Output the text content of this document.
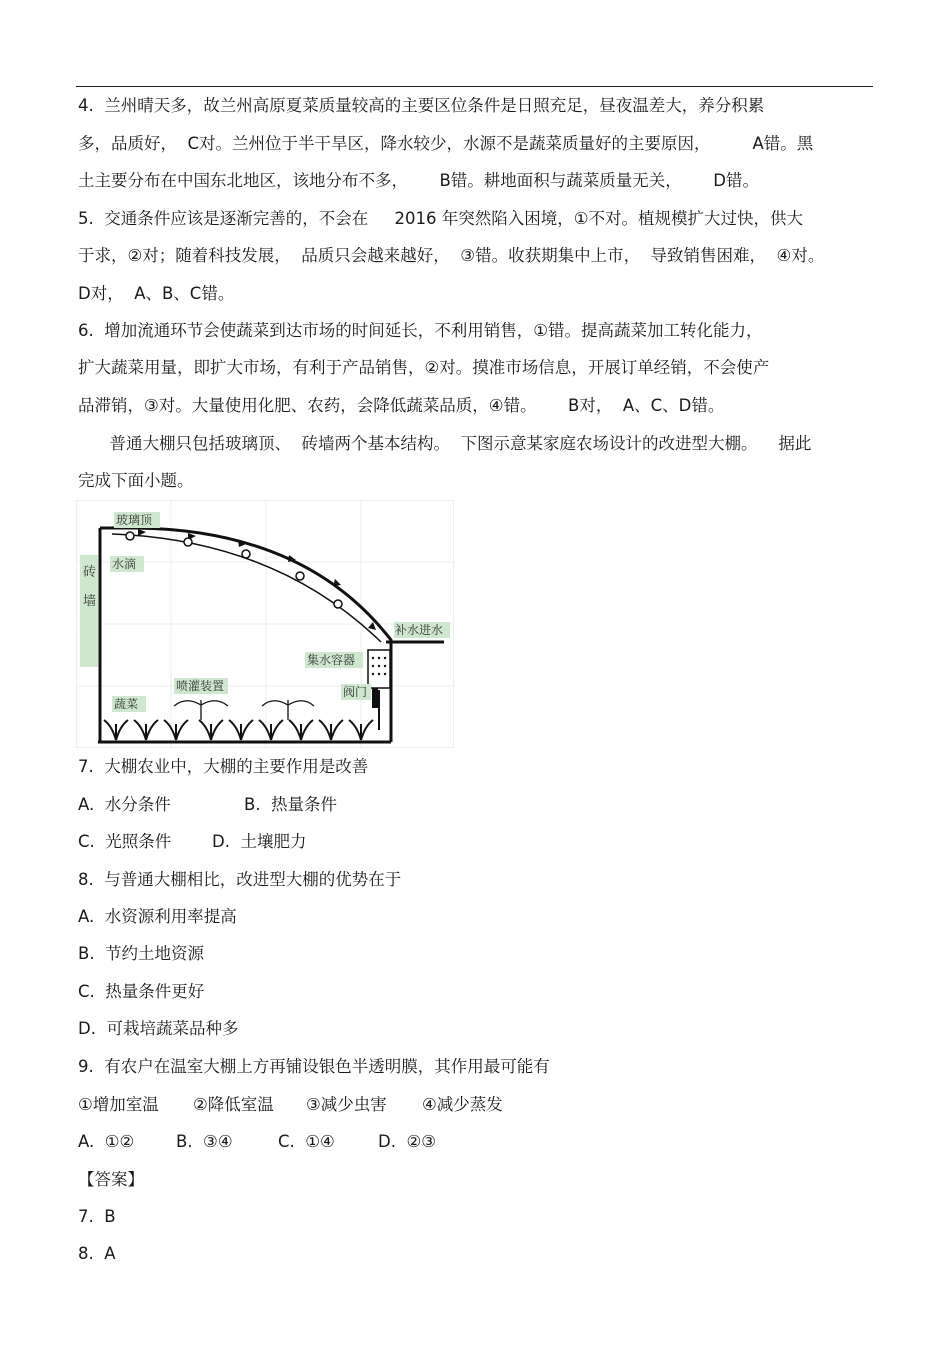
4.  兰州晴天多，故兰州高原夏菜质量较高的主要区位条件是日照充足，昼夜温差大，养分积累
多，品质好，  C对。兰州位于半干旱区，降水较少，水源不是蔬菜质量好的主要原因，        A错。黑
土主要分布在中国东北地区，该地分布不多，      B错。耕地面积与蔬菜质量无关，      D错。
5.  交通条件应该是逐渐完善的，不会在     2016 年突然陷入困境，①不对。植规模扩大过快，供大
于求，②对；随着科技发展，  品质只会越来越好，  ③错。收获期集中上市，  导致销售困难，  ④对。
D对，  A、B、C错。
6.  增加流通环节会使蔬菜到达市场的时间延长，不利用销售，①错。提高蔬菜加工转化能力，
扩大蔬菜用量，即扩大市场，有利于产品销售，②对。摸准市场信息，开展订单经销，不会使产
品滞销，③对。大量使用化肥、农药，会降低蔬菜品质，④错。      B对，  A、C、D错。
普通大棚只包括玻璃顶、  砖墙两个基本结构。  下图示意某家庭农场设计的改进型大棚。    据此
完成下面小题。
砖
墙
玻璃顶
水滴
补水进水
集水容器
阀门
喷灌装置
蔬菜
7.  大棚农业中，大棚的主要作用是改善
A.  水分条件	B.  热量条件
C.  光照条件 D.  土壤肥力
8.  与普通大棚相比，改进型大棚的优势在于
A.  水资源利用率提高
B.  节约土地资源
C.  热量条件更好
D.  可栽培蔬菜品种多
9.  有农户在温室大棚上方再铺设银色半透明膜，其作用最可能有
①增加室温 ②降低室温 ③减少虫害 ④减少蒸发
A.  ①②	B.  ③④	C.  ①④	D.  ②③
【答案】
7.  B
8.  A
